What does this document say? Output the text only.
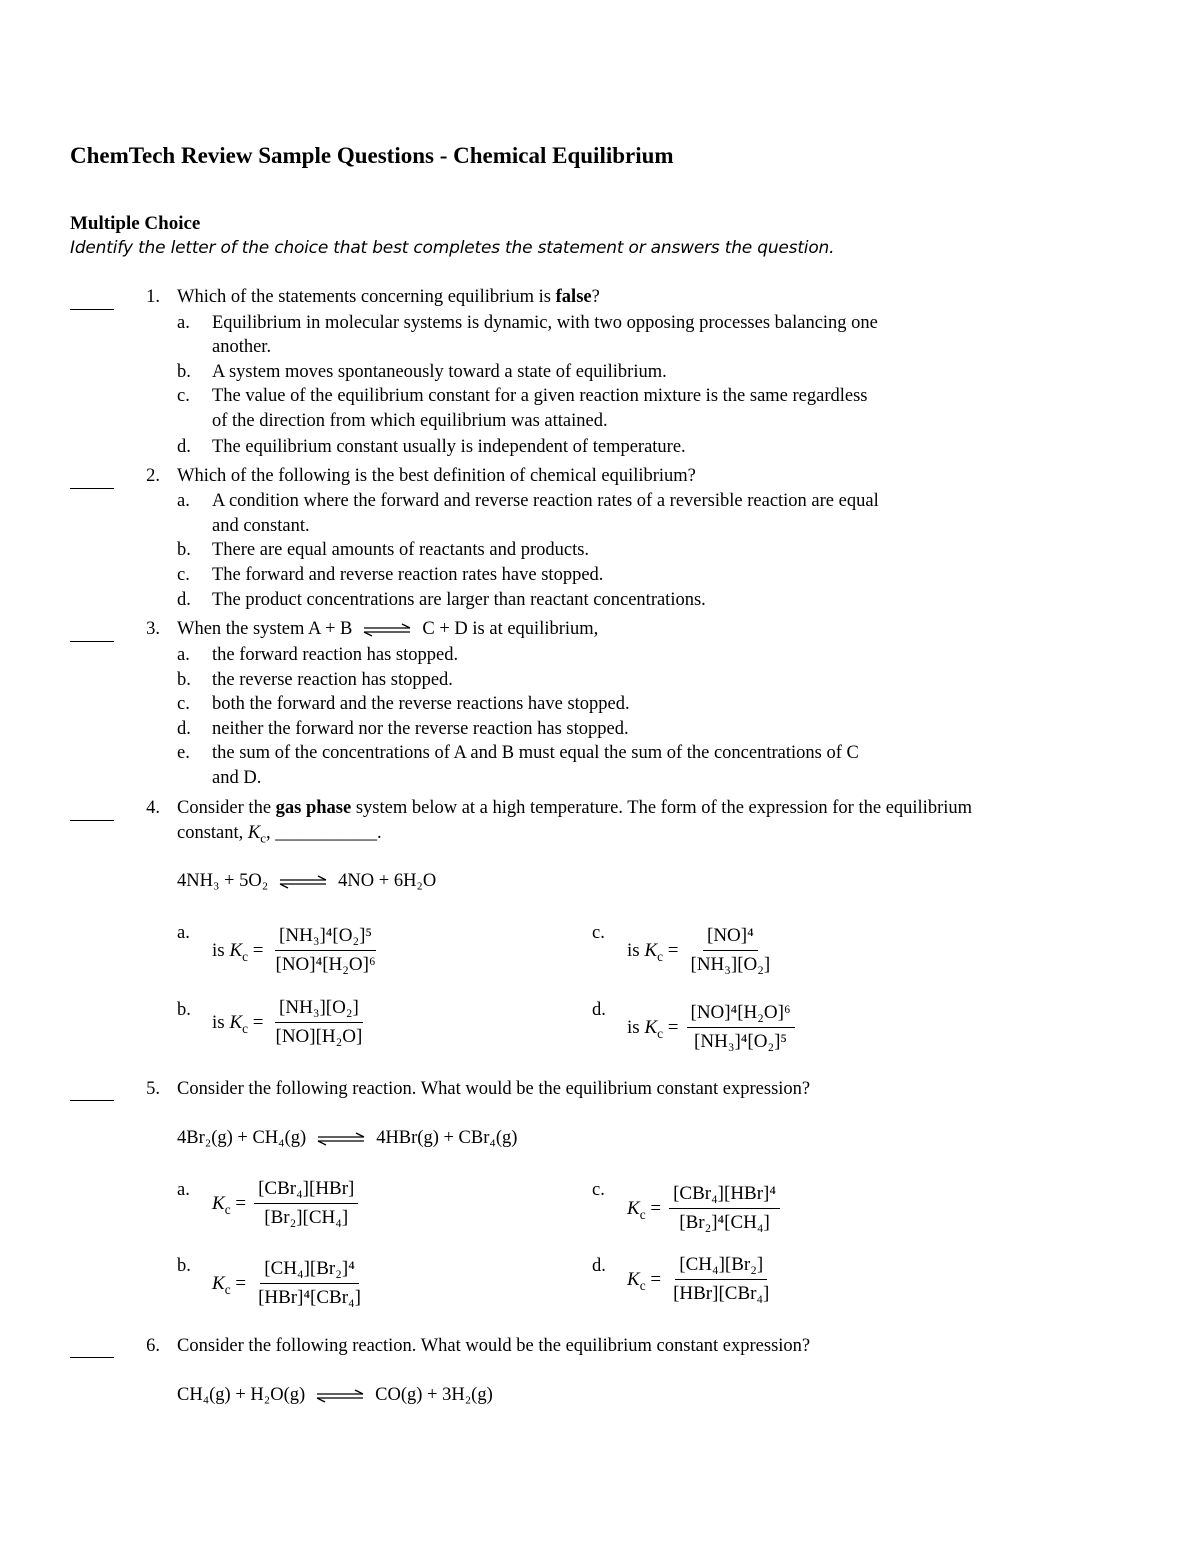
ChemTech Review Sample Questions - Chemical Equilibrium
Multiple Choice
Identify the letter of the choice that best completes the statement or answers the question.
1. Which of the statements concerning equilibrium is false?
a. Equilibrium in molecular systems is dynamic, with two opposing processes balancing one
another.
b. A system moves spontaneously toward a state of equilibrium.
c. The value of the equilibrium constant for a given reaction mixture is the same regardless
of the direction from which equilibrium was attained.
d. The equilibrium constant usually is independent of temperature.
2. Which of the following is the best definition of chemical equilibrium?
a. A condition where the forward and reverse reaction rates of a reversible reaction are equal
and constant.
b. There are equal amounts of reactants and products.
c. The forward and reverse reaction rates have stopped.
d. The product concentrations are larger than reactant concentrations.
3. When the system A + B ⇌ C + D is at equilibrium,
a. the forward reaction has stopped.
b. the reverse reaction has stopped.
c. both the forward and the reverse reactions have stopped.
d. neither the forward nor the reverse reaction has stopped.
e. the sum of the concentrations of A and B must equal the sum of the concentrations of C
and D.
4. Consider the gas phase system below at a high temperature. The form of the expression for the equilibrium
constant, $K_c$, ___________.
4NH₃ + 5O₂ ⇌ 4NO + 6H₂O
a.
is $K_c = \frac{\text{[NH₃]⁴[O₂]⁵}}{\text{[NO]⁴[H₂O]⁶}}$	c.
is $K_c = \frac{\text{[NO]⁴}}{\text{[NH₃][O₂]}}$
b.
is $K_c = \frac{\text{[NH₃][O₂]}}{\text{[NO][H₂O]}}$	d.
is $K_c = \frac{\text{[NO]⁴[H₂O]⁶}}{\text{[NH₃]⁴[O₂]⁵}}$
5. Consider the following reaction. What would be the equilibrium constant expression?
4Br₂(g) + CH₄(g) ⇌ 4HBr(g) + CBr₄(g)
a.
$K_c$ =
[CBr₄][HBr]
[Br₂][CH₄]
c.
$K_c$ =
[CBr₄][HBr]⁴
[Br₂]⁴[CH₄]
b.
$K_c$ =
[CH₄][Br₂]⁴
[HBr]⁴[CBr₄]
d.
$K_c$ =
[CH₄][Br₂]
[HBr][CBr₄]
6. Consider the following reaction. What would be the equilibrium constant expression?
CH₄(g) + H₂O(g) ⇌ CO(g) + 3H₂(g)
